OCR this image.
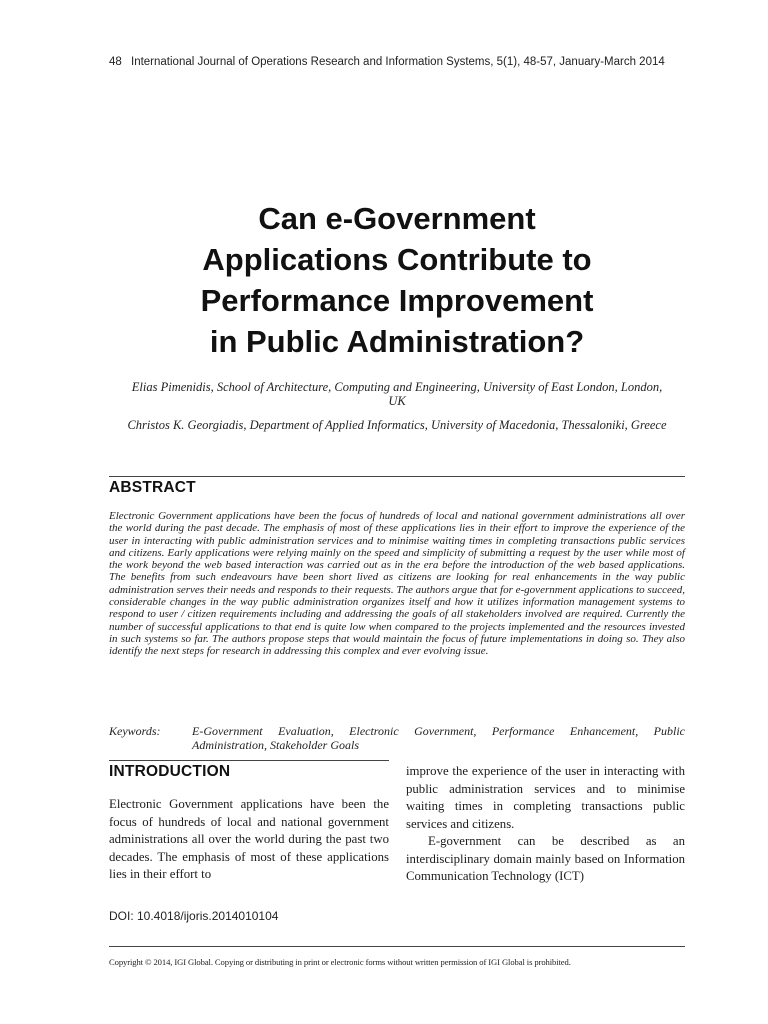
48 International Journal of Operations Research and Information Systems, 5(1), 48-57, January-March 2014
Can e-Government
Applications Contribute to
Performance Improvement
in Public Administration?
Elias Pimenidis, School of Architecture, Computing and Engineering, University of East London, London, UK
Christos K. Georgiadis, Department of Applied Informatics, University of Macedonia, Thessaloniki, Greece
ABSTRACT
Electronic Government applications have been the focus of hundreds of local and national government administrations all over the world during the past decade. The emphasis of most of these applications lies in their effort to improve the experience of the user in interacting with public administration services and to minimise waiting times in completing transactions public services and citizens. Early applications were relying mainly on the speed and simplicity of submitting a request by the user while most of the work beyond the web based interaction was carried out as in the era before the introduction of the web based applications. The benefits from such endeavours have been short lived as citizens are looking for real enhancements in the way public administration serves their needs and responds to their requests. The authors argue that for e-government applications to succeed, considerable changes in the way public administration organizes itself and how it utilizes information management systems to respond to user / citizen requirements including and addressing the goals of all stakeholders involved are required. Currently the number of successful applications to that end is quite low when compared to the projects implemented and the resources invested in such systems so far. The authors propose steps that would maintain the focus of future implementations in doing so. They also identify the next steps for research in addressing this complex and ever evolving issue.
Keywords:	E-Government Evaluation, Electronic Government, Performance Enhancement, Public Administration, Stakeholder Goals
INTRODUCTION

Electronic Government applications have been the focus of hundreds of local and national government administrations all over the world during the past two decades. The emphasis of most of these applications lies in their effort to

improve the experience of the user in interacting with public administration services and to minimise waiting times in completing transactions public services and citizens.

E-government can be described as an interdisciplinary domain mainly based on Information Communication Technology (ICT)

DOI: 10.4018/ijoris.2014010104
Copyright © 2014, IGI Global. Copying or distributing in print or electronic forms without written permission of IGI Global is prohibited.
